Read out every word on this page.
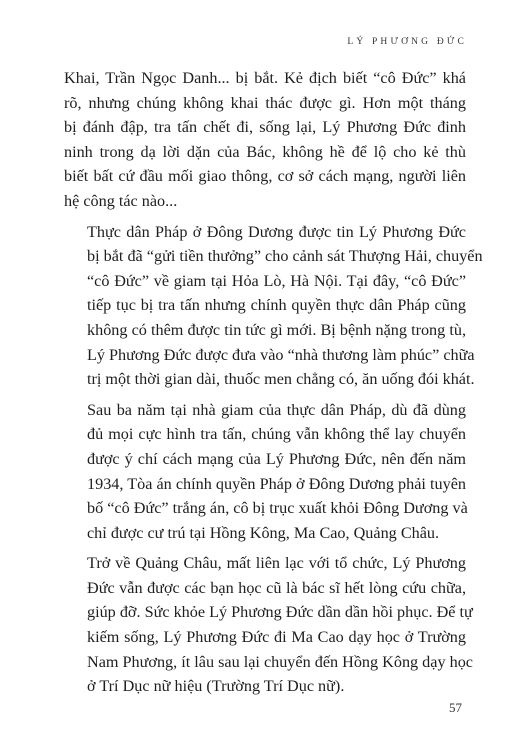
LÝ PHƯƠNG ĐỨC

Khai, Trần Ngọc Danh... bị bắt. Kẻ địch biết “cô Đức” khá
rõ, nhưng chúng không khai thác được gì. Hơn một tháng
bị đánh đập, tra tấn chết đi, sống lại, Lý Phương Đức đinh
ninh trong dạ lời dặn của Bác, không hề để lộ cho kẻ thù
biết bất cứ đầu mối giao thông, cơ sở cách mạng, người liên
hệ công tác nào...

Thực dân Pháp ở Đông Dương được tin Lý Phương Đức
bị bắt đã “gửi tiền thưởng” cho cảnh sát Thượng Hải, chuyển
“cô Đức” về giam tại Hỏa Lò, Hà Nội. Tại đây, “cô Đức”
tiếp tục bị tra tấn nhưng chính quyền thực dân Pháp cũng
không có thêm được tin tức gì mới. Bị bệnh nặng trong tù,
Lý Phương Đức được đưa vào “nhà thương làm phúc” chữa
trị một thời gian dài, thuốc men chẳng có, ăn uống đói khát.

Sau ba năm tại nhà giam của thực dân Pháp, dù đã dùng
đủ mọi cực hình tra tấn, chúng vẫn không thể lay chuyển
được ý chí cách mạng của Lý Phương Đức, nên đến năm
1934, Tòa án chính quyền Pháp ở Đông Dương phải tuyên
bố “cô Đức” trắng án, cô bị trục xuất khỏi Đông Dương và
chỉ được cư trú tại Hồng Kông, Ma Cao, Quảng Châu.

Trở về Quảng Châu, mất liên lạc với tổ chức, Lý Phương
Đức vẫn được các bạn học cũ là bác sĩ hết lòng cứu chữa,
giúp đỡ. Sức khỏe Lý Phương Đức dần dần hồi phục. Để tự
kiếm sống, Lý Phương Đức đi Ma Cao dạy học ở Trường
Nam Phương, ít lâu sau lại chuyển đến Hồng Kông dạy học
ở Trí Dục nữ hiệu (Trường Trí Dục nữ).

57
